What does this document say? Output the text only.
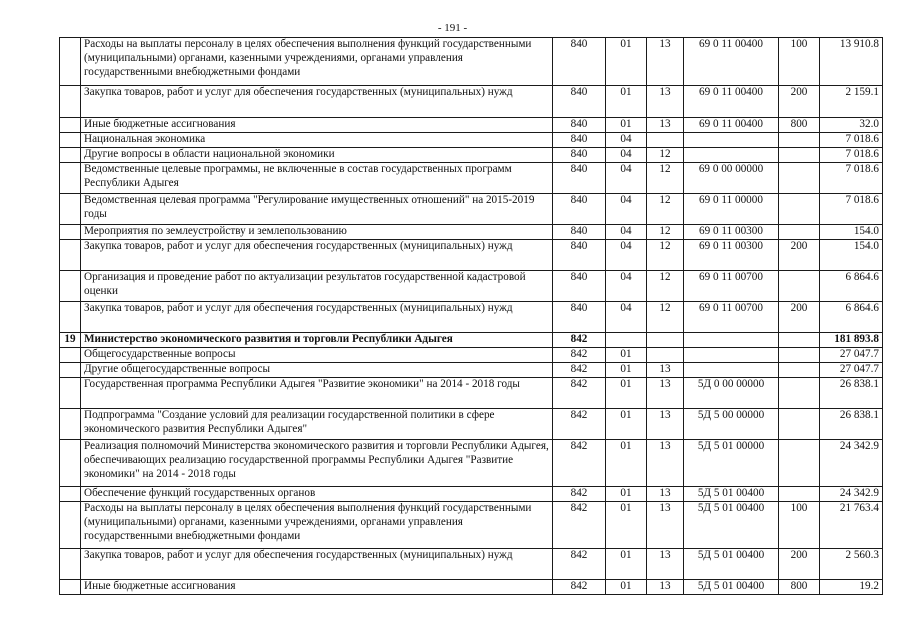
- 191 -
	Расходы на выплаты персоналу в целях обеспечения выполнения функций государственными (муниципальными) органами, казенными учреждениями, органами управления государственными внебюджетными фондами	840	01	13	69 0 11 00400	100	13 910.8
	Закупка товаров, работ и услуг для обеспечения государственных (муниципальных) нужд	840	01	13	69 0 11 00400	200	2 159.1
	Иные бюджетные ассигнования	840	01	13	69 0 11 00400	800	32.0
	Национальная экономика	840	04				7 018.6
	Другие вопросы в области национальной экономики	840	04	12			7 018.6
	Ведомственные целевые программы, не включенные в состав государственных программ Республики Адыгея	840	04	12	69 0 00 00000		7 018.6
	Ведомственная целевая программа "Регулирование имущественных отношений" на 2015-2019 годы	840	04	12	69 0 11 00000		7 018.6
	Мероприятия по землеустройству и землепользованию	840	04	12	69 0 11 00300		154.0
	Закупка товаров, работ и услуг для обеспечения государственных (муниципальных) нужд	840	04	12	69 0 11 00300	200	154.0
	Организация и проведение работ по актуализации результатов государственной кадастровой оценки	840	04	12	69 0 11 00700		6 864.6
	Закупка товаров, работ и услуг для обеспечения государственных (муниципальных) нужд	840	04	12	69 0 11 00700	200	6 864.6
19	Министерство экономического развития и торговли Республики Адыгея	842					181 893.8
	Общегосударственные вопросы	842	01				27 047.7
	Другие общегосударственные вопросы	842	01	13			27 047.7
	Государственная программа Республики Адыгея "Развитие экономики" на 2014 - 2018 годы	842	01	13	5Д 0 00 00000		26 838.1
	Подпрограмма "Создание условий для реализации государственной политики в сфере экономического развития Республики Адыгея"	842	01	13	5Д 5 00 00000		26 838.1
	Реализация полномочий Министерства экономического развития и торговли Республики Адыгея, обеспечивающих реализацию государственной программы Республики Адыгея "Развитие экономики" на 2014 - 2018 годы	842	01	13	5Д 5 01 00000		24 342.9
	Обеспечение функций государственных органов	842	01	13	5Д 5 01 00400		24 342.9
	Расходы на выплаты персоналу в целях обеспечения выполнения функций государственными (муниципальными) органами, казенными учреждениями, органами управления государственными внебюджетными фондами	842	01	13	5Д 5 01 00400	100	21 763.4
	Закупка товаров, работ и услуг для обеспечения государственных (муниципальных) нужд	842	01	13	5Д 5 01 00400	200	2 560.3
	Иные бюджетные ассигнования	842	01	13	5Д 5 01 00400	800	19.2
